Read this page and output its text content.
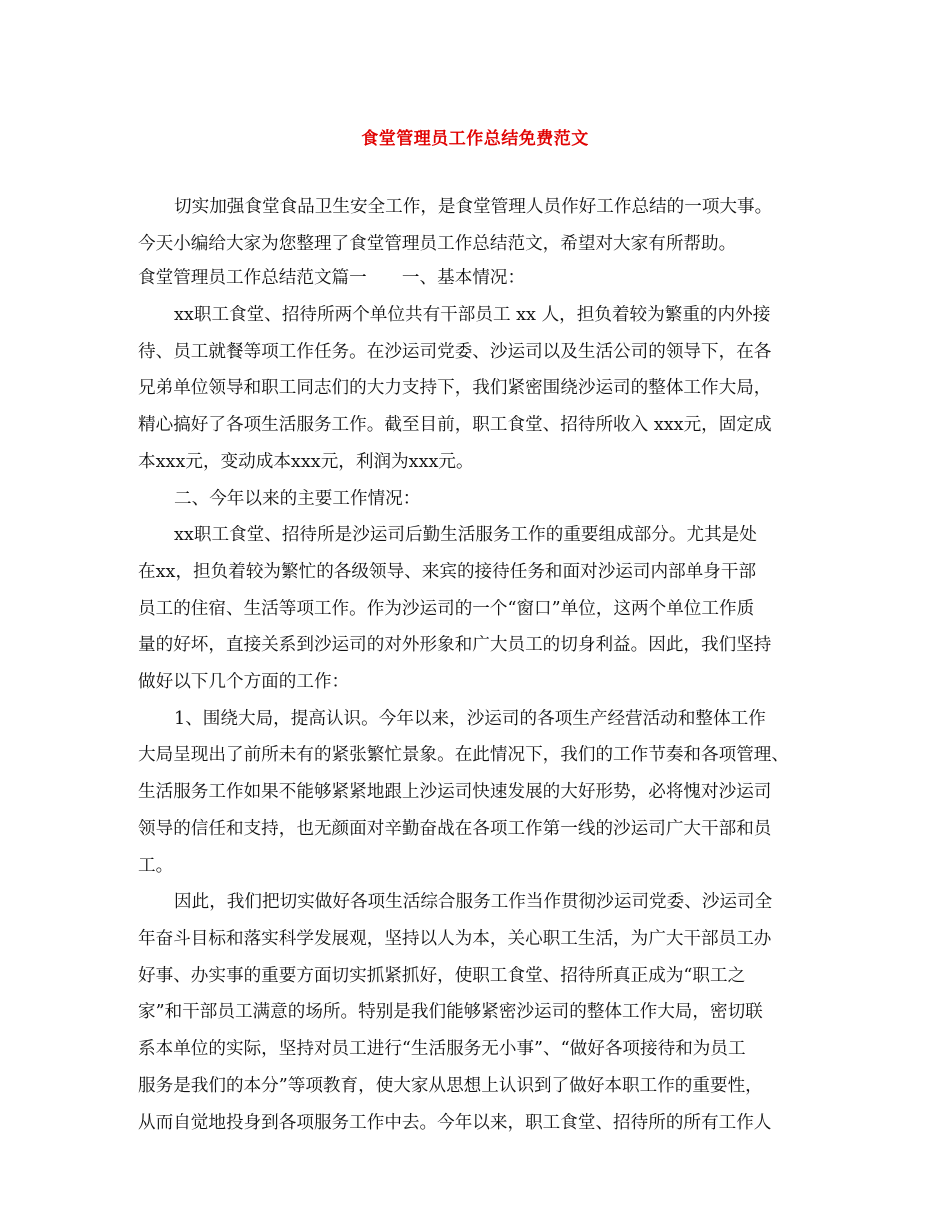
食堂管理员工作总结免费范文
切实加强食堂食品卫生安全工作，是食堂管理人员作好工作总结的一项大事。
今天小编给大家为您整理了食堂管理员工作总结范文，希望对大家有所帮助。
食堂管理员工作总结范文篇一　　一、基本情况：
xx职工食堂、招待所两个单位共有干部员工 xx 人，担负着较为繁重的内外接
待、员工就餐等项工作任务。在沙运司党委、沙运司以及生活公司的领导下，在各
兄弟单位领导和职工同志们的大力支持下，我们紧密围绕沙运司的整体工作大局，
精心搞好了各项生活服务工作。截至目前，职工食堂、招待所收入 xxx元，固定成
本xxx元，变动成本xxx元，利润为xxx元。
二、今年以来的主要工作情况：
xx职工食堂、招待所是沙运司后勤生活服务工作的重要组成部分。尤其是处
在xx，担负着较为繁忙的各级领导、来宾的接待任务和面对沙运司内部单身干部
员工的住宿、生活等项工作。作为沙运司的一个“窗口”单位，这两个单位工作质
量的好坏，直接关系到沙运司的对外形象和广大员工的切身利益。因此，我们坚持
做好以下几个方面的工作：
1、围绕大局，提高认识。今年以来，沙运司的各项生产经营活动和整体工作
大局呈现出了前所未有的紧张繁忙景象。在此情况下，我们的工作节奏和各项管理、
生活服务工作如果不能够紧紧地跟上沙运司快速发展的大好形势，必将愧对沙运司
领导的信任和支持，也无颜面对辛勤奋战在各项工作第一线的沙运司广大干部和员
工。
因此，我们把切实做好各项生活综合服务工作当作贯彻沙运司党委、沙运司全
年奋斗目标和落实科学发展观，坚持以人为本，关心职工生活，为广大干部员工办
好事、办实事的重要方面切实抓紧抓好，使职工食堂、招待所真正成为“职工之
家”和干部员工满意的场所。特别是我们能够紧密沙运司的整体工作大局，密切联
系本单位的实际，坚持对员工进行“生活服务无小事”、“做好各项接待和为员工
服务是我们的本分”等项教育，使大家从思想上认识到了做好本职工作的重要性，
从而自觉地投身到各项服务工作中去。今年以来，职工食堂、招待所的所有工作人
